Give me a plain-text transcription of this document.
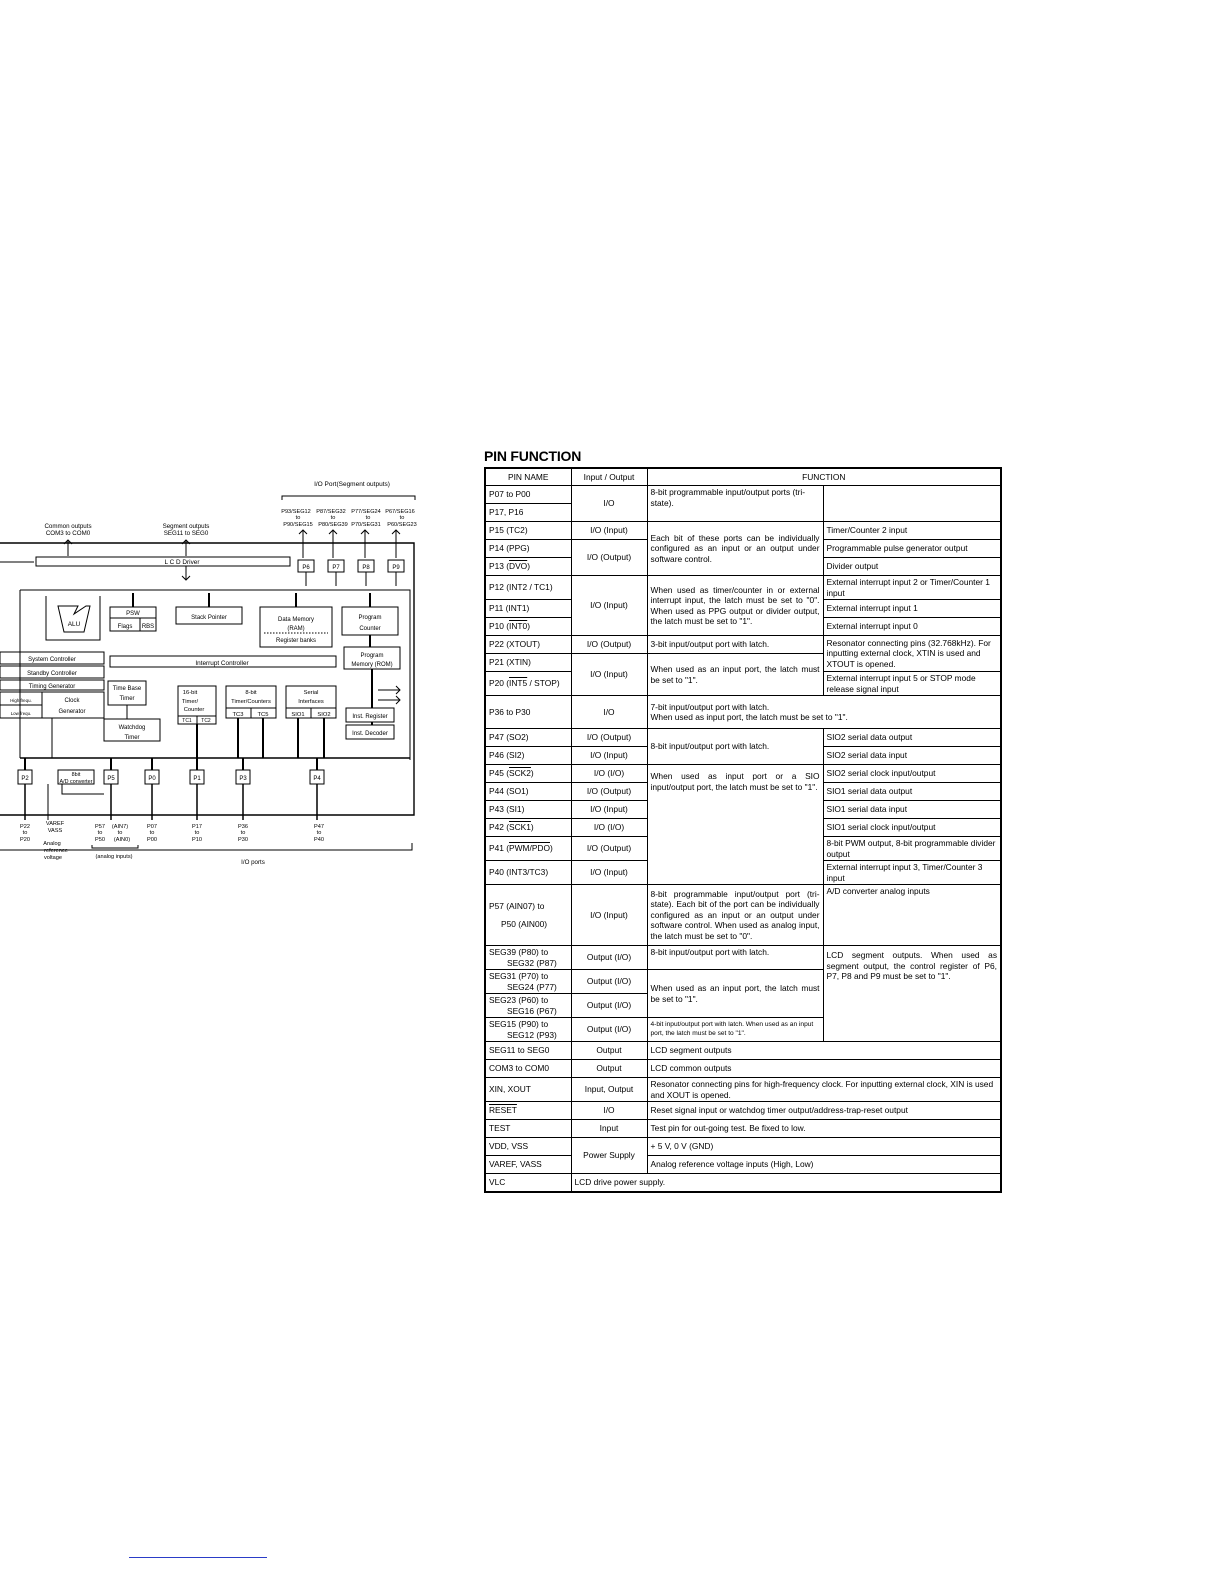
I/O Port(Segment outputs)
P93/SEG12
to
P90/SEG15
P87/SEG32
to
P80/SEG39
P77/SEG24
to
P70/SEG31
P67/SEG16
to
P60/SEG23
Common outputs
COM3 to COM0
Segment outputs
SEG11 to SEG0
L C D Driver
P6	P7	P8	P9
ALU
PSW
Flags RBS
Stack Pointer	Data Memory
(RAM)
Register banks
Program
Counter
Interrupt Controller
Program
Memory (ROM)
System Controller
Standby Controller
Timing Generator
Clock
Generator
High frequ.
Low frequ.
Time Base
Timer
Watchdog
Timer
16-bit
Timer/
Counter
TC1 TC2
8-bit
Timer/Counters
TC3 TC5
Serial
Interfaces
SIO1 SIO2	Inst. Register
Inst. Decoder
P2
8bit
A/D converter P5	P0	P1	P3	P4
P22
to
P20
VAREF
VASS
Analog
reference
voltage
P57 (AIN7)
to	to
P50 (AIN0)
(analog inputs)
P07
to
P00
P17
to
P10
P36
to
P30
P47
to
P40
I/O ports
PIN FUNCTION
PIN NAME	Input / Output	FUNCTION	
P07 to P00	I/O	8-bit programmable input/output ports (tri-state).	
P17, P16			
P15 (TC2)	I/O (Input)	Each bit of these ports can be individually configured as an input or an output under software control.	Timer/Counter 2 input
P14 (PPG)	I/O (Output)		Programmable pulse generator output
P13 $(\overline{DVO})$			Divider output
P12 (INT2 / TC1)	I/O (Input)	When used as timer/counter in or external interrupt input, the latch must be set to "0". When used as PPG output or divider output, the latch must be set to "1".	External interrupt input 2 or Timer/Counter 1 input
P11 (INT1)			External interrupt input 1
P10 (INT0)			External interrupt input 0
P22 (XTOUT)	I/O (Output)	3-bit input/output port with latch.	Resonator connecting pins (32.768kHz). For inputting external clock, XTIN is used and XTOUT is opened.
P21 (XTIN)	I/O (Input)	When used as an input port, the latch must be set to "1".	
P20 (INT5 / STOP)			External interrupt input 5 or STOP mode release signal input
P36 to P30	I/O	7-bit input/output port with latch.
When used as input port, the latch must be set to "1".	

P47 (SO2)	I/O (Output)	8-bit input/output port with latch.	SIO2 serial data output
P46 (SI2)	I/O (Input)		SIO2 serial data input
P45 (SCK2)	I/O (I/O)	When used as input port or a SIO input/output port, the latch must be set to "1".	SIO2 serial clock input/output
P44 (SO1)	I/O (Output)		SIO1 serial data output
P43 (SI1)	I/O (Input)		SIO1 serial data input
P42 (SCK1)	I/O (I/O)		SIO1 serial clock input/output
P41 (PWM/PDO)	I/O (Output)		8-bit PWM output, 8-bit programmable divider output
P40 (INT3/TC3)	I/O (Input)		External interrupt input 3, Timer/Counter 3 input

P57 (AIN07) to
P50 (AIN00)	I/O (Input)	8-bit programmable input/output port (tri-state). Each bit of the port can be individually configured as an input or an output under software control. When used as analog input, the latch must be set to "0".	A/D converter analog inputs

SEG39 (P80) to
SEG32 (P87)	Output (I/O)	8-bit input/output port with latch.	LCD segment outputs. When used as segment output, the control register of P6, P7, P8 and P9 must be set to "1".

SEG31 (P70) to
SEG24 (P77)	Output (I/O)	When used as an input port, the latch must be set to "1".	

SEG23 (P60) to
SEG16 (P67)	Output (I/O)		

SEG15 (P90) to
SEG12 (P93)	Output (I/O)	4-bit input/output port with latch. When used as an input port, the latch must be set to "1".	
SEG11 to SEG0	Output	LCD segment outputs	
COM3 to COM0	Output	LCD common outputs	
XIN, XOUT	Input, Output	Resonator connecting pins for high-frequency clock. For inputting external clock, XIN is used and XOUT is opened.	
RESET	I/O	Reset signal input or watchdog timer output/address-trap-reset output	
TEST	Input	Test pin for out-going test. Be fixed to low.	
VDD, VSS	Power Supply	+ 5 V, 0 V (GND)	
VAREF, VASS		Analog reference voltage inputs (High, Low)	
VLC	LCD drive power supply.		
